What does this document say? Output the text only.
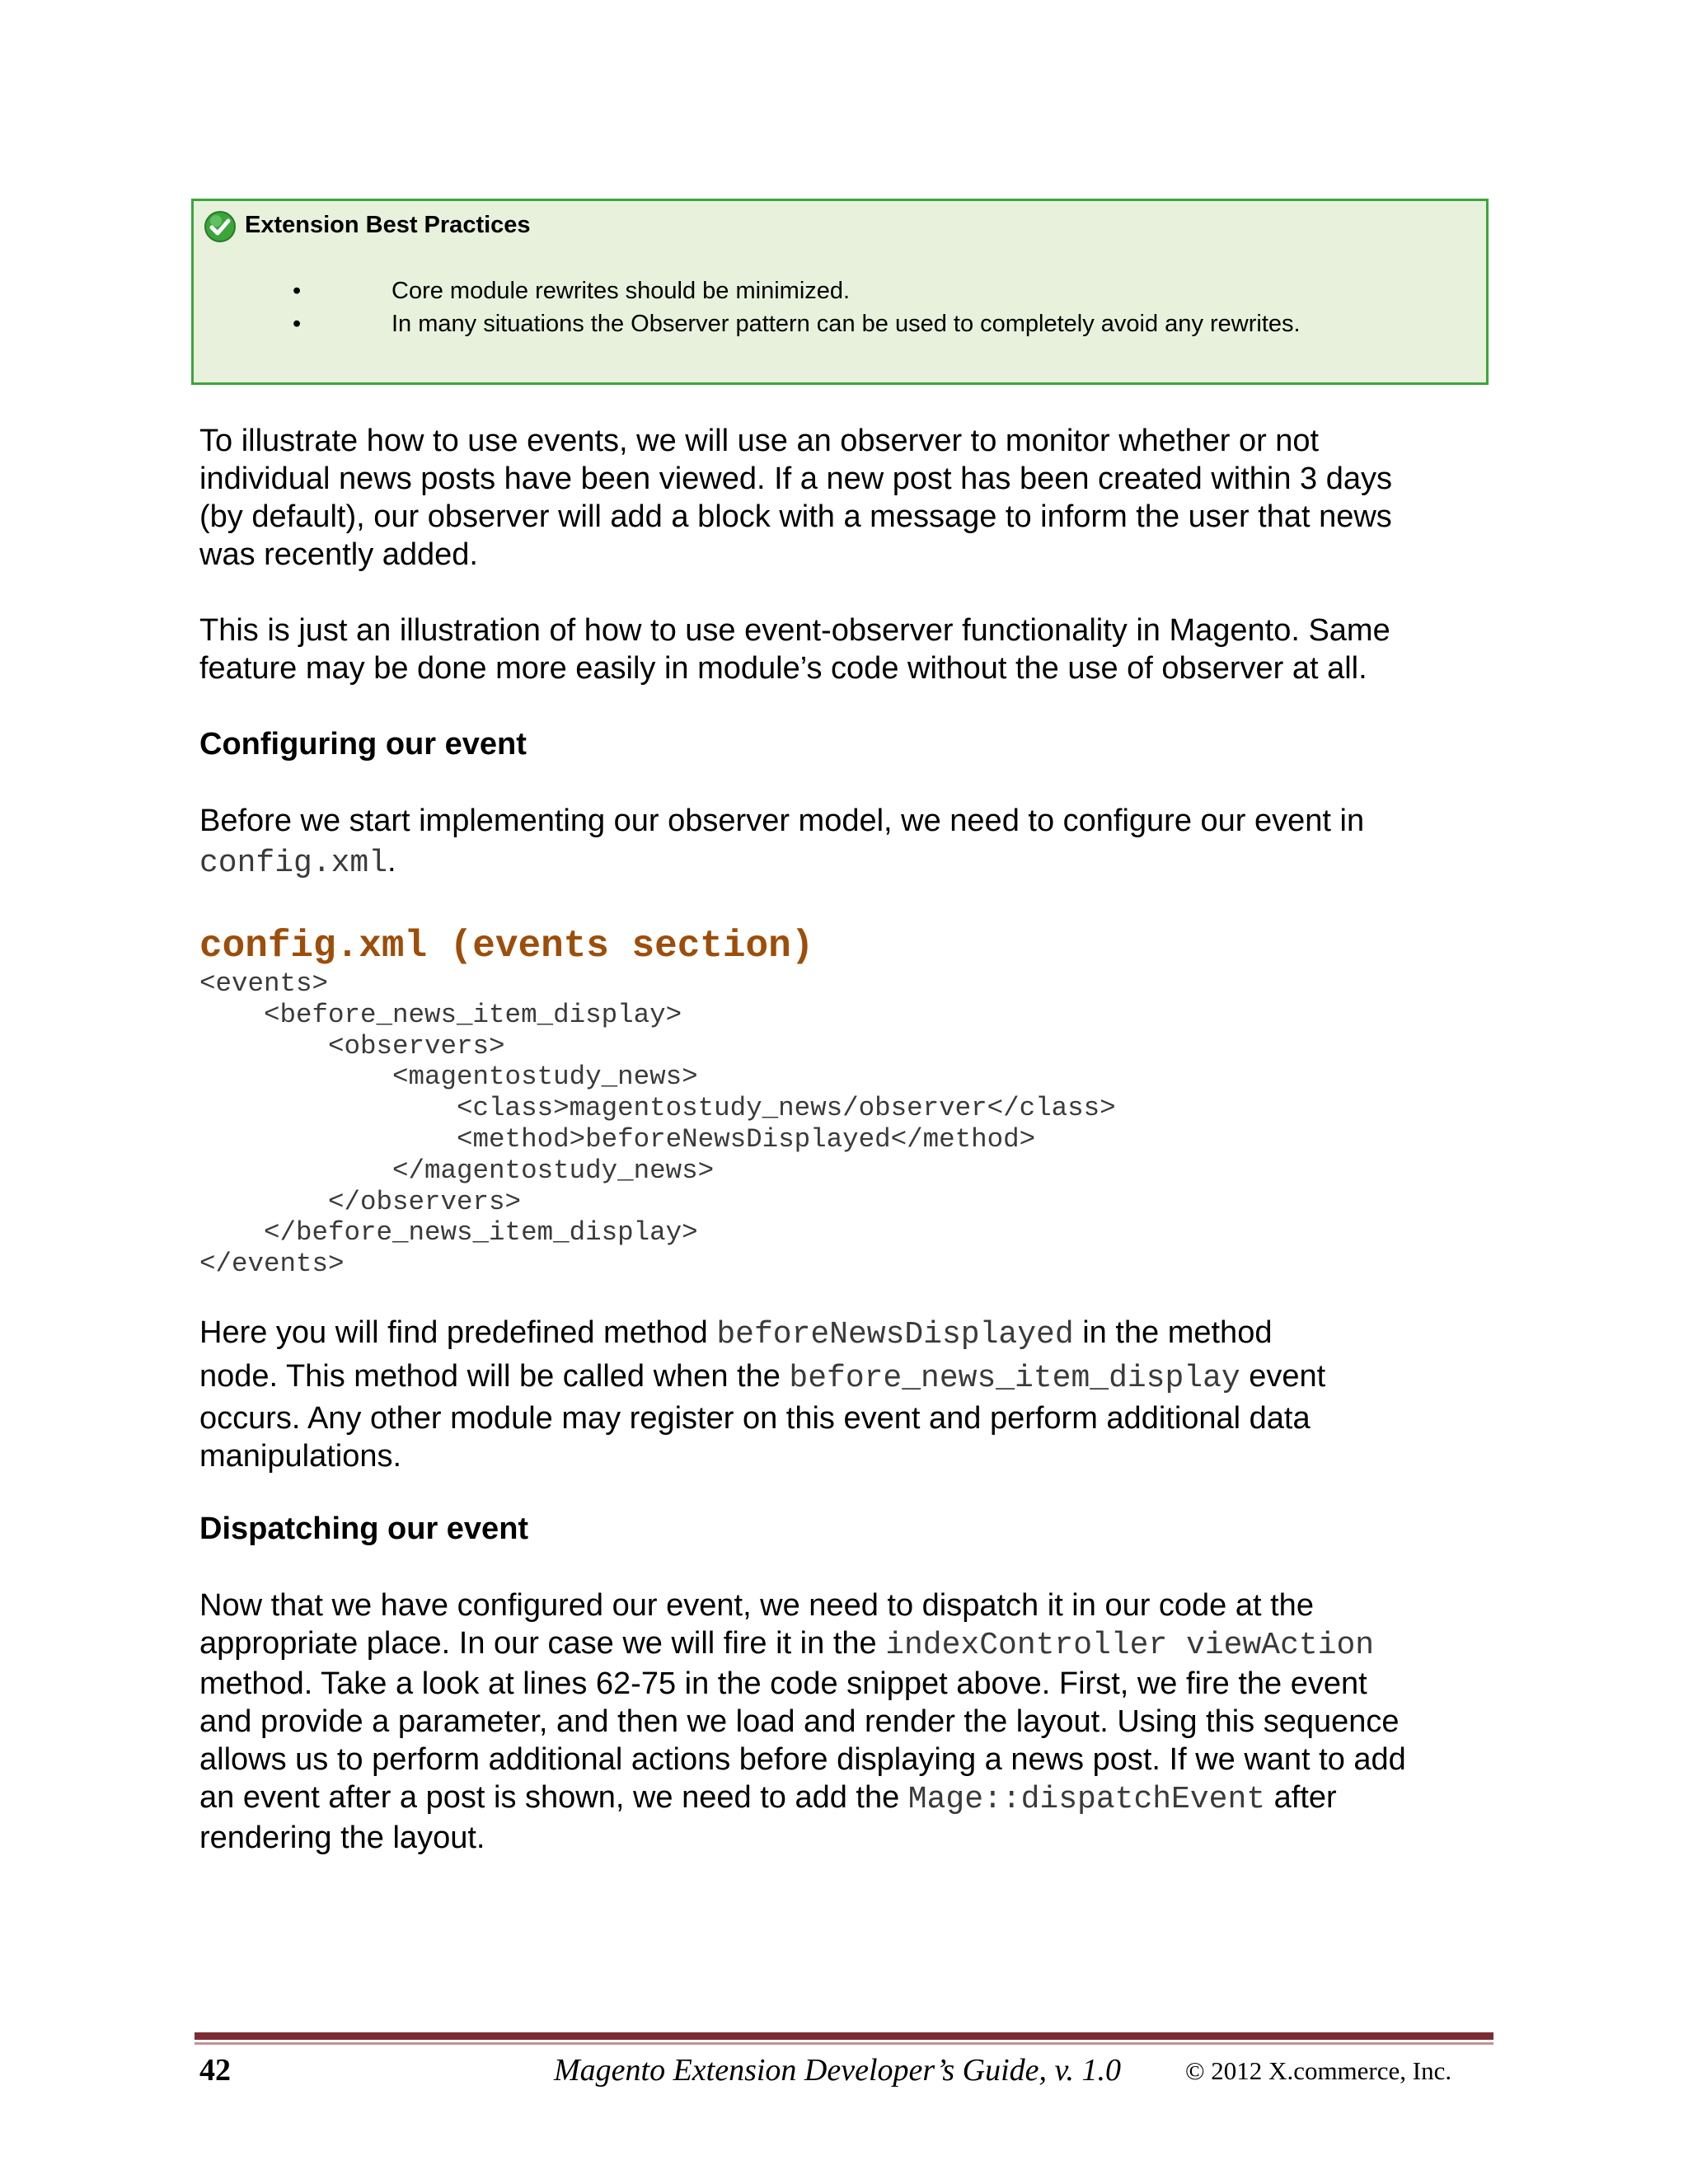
Extension Best Practices
•	Core module rewrites should be minimized.
•	In many situations the Observer pattern can be used to completely avoid any rewrites.

To illustrate how to use events, we will use an observer to monitor whether or not
individual news posts have been viewed. If a new post has been created within 3 days
(by default), our observer will add a block with a message to inform the user that news
was recently added.

This is just an illustration of how to use event-observer functionality in Magento. Same
feature may be done more easily in module’s code without the use of observer at all.

Configuring our event

Before we start implementing our observer model, we need to configure our event in
config.xml.

config.xml (events section)
<events>
<before_news_item_display>
<observers>
<magentostudy_news>
<class>magentostudy_news/observer</class>
<method>beforeNewsDisplayed</method>
</magentostudy_news>
</observers>
</before_news_item_display>
</events>

Here you will find predefined method beforeNewsDisplayed in the method
node. This method will be called when the before_news_item_display event
occurs. Any other module may register on this event and perform additional data
manipulations.

Dispatching our event

Now that we have configured our event, we need to dispatch it in our code at the
appropriate place. In our case we will fire it in the indexController viewAction
method. Take a look at lines 62-75 in the code snippet above. First, we fire the event
and provide a parameter, and then we load and render the layout. Using this sequence
allows us to perform additional actions before displaying a news post. If we want to add
an event after a post is shown, we need to add the Mage::dispatchEvent after
rendering the layout.

42	Magento Extension Developer’s Guide, v. 1.0	© 2012 X.commerce, Inc.
